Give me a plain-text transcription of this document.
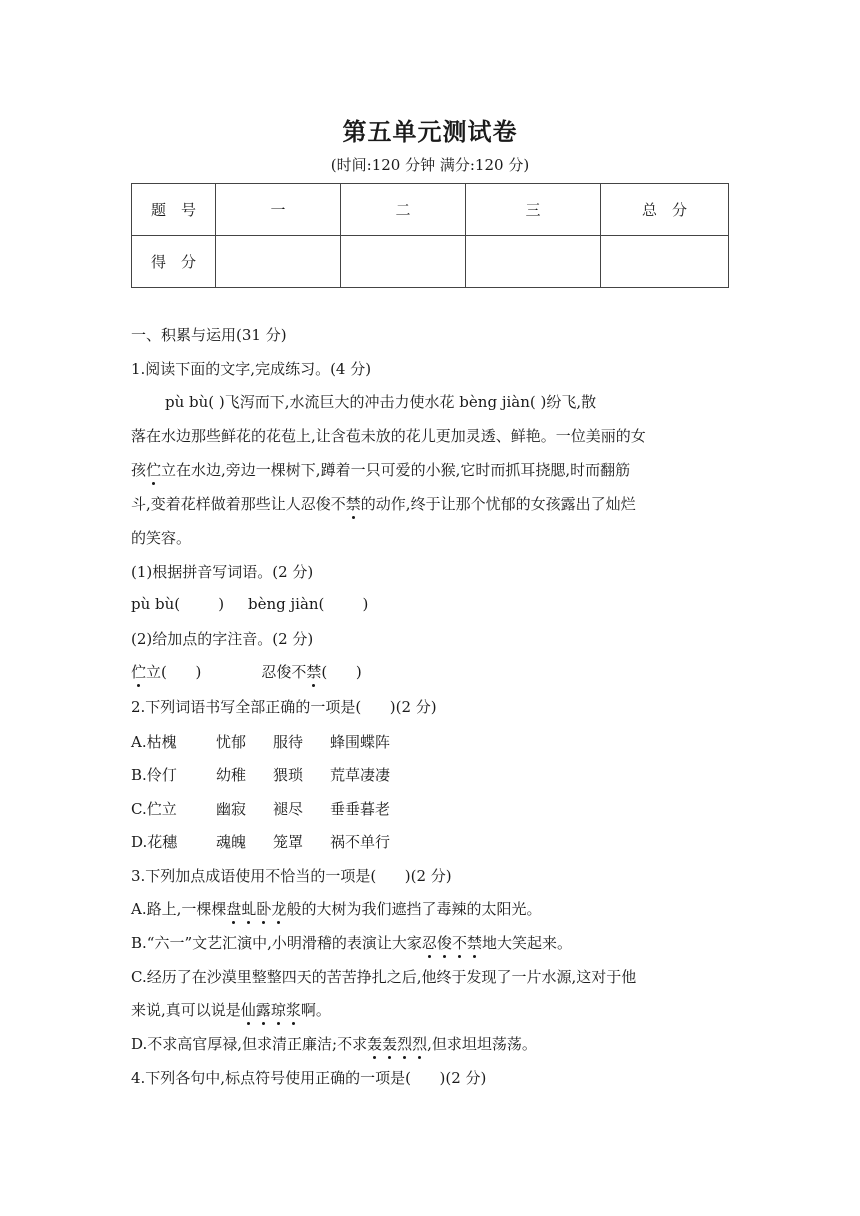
第五单元测试卷
(时间:120 分钟 满分:120 分)
题　号	一	二	三	总　分
得　分				
一、积累与运用(31 分)
1.阅读下面的文字,完成练习。(4 分)
pù bù( )飞泻而下,水流巨大的冲击力使水花 bèng jiàn( )纷飞,散
落在水边那些鲜花的花苞上,让含苞未放的花儿更加灵透、鲜艳。一位美丽的女
孩伫立在水边,旁边一棵树下,蹲着一只可爱的小猴,它时而抓耳挠腮,时而翻筋
斗,变着花样做着那些让人忍俊不禁的动作,终于让那个忧郁的女孩露出了灿烂
的笑容。
(1)根据拼音写词语。(2 分)
pù bù(        )     bèng jiàn(        )
(2)给加点的字注音。(2 分)
伫立(      )	忍俊不禁(      )
2.下列词语书写全部正确的一项是(      )(2 分)
A.枯槐	忧郁 服待 蜂围蝶阵
B.伶仃	幼稚 猥琐 荒草凄凄
C.伫立	幽寂 褪尽 垂垂暮老
D.花穗	魂魄 笼罩 祸不单行
3.下列加点成语使用不恰当的一项是(      )(2 分)
A.路上,一棵棵盘虬卧龙般的大树为我们遮挡了毒辣的太阳光。
B.“六一”文艺汇演中,小明滑稽的表演让大家忍俊不禁地大笑起来。
C.经历了在沙漠里整整四天的苦苦挣扎之后,他终于发现了一片水源,这对于他
来说,真可以说是仙露琼浆啊。
D.不求高官厚禄,但求清正廉洁;不求轰轰烈烈,但求坦坦荡荡。
4.下列各句中,标点符号使用正确的一项是(      )(2 分)
